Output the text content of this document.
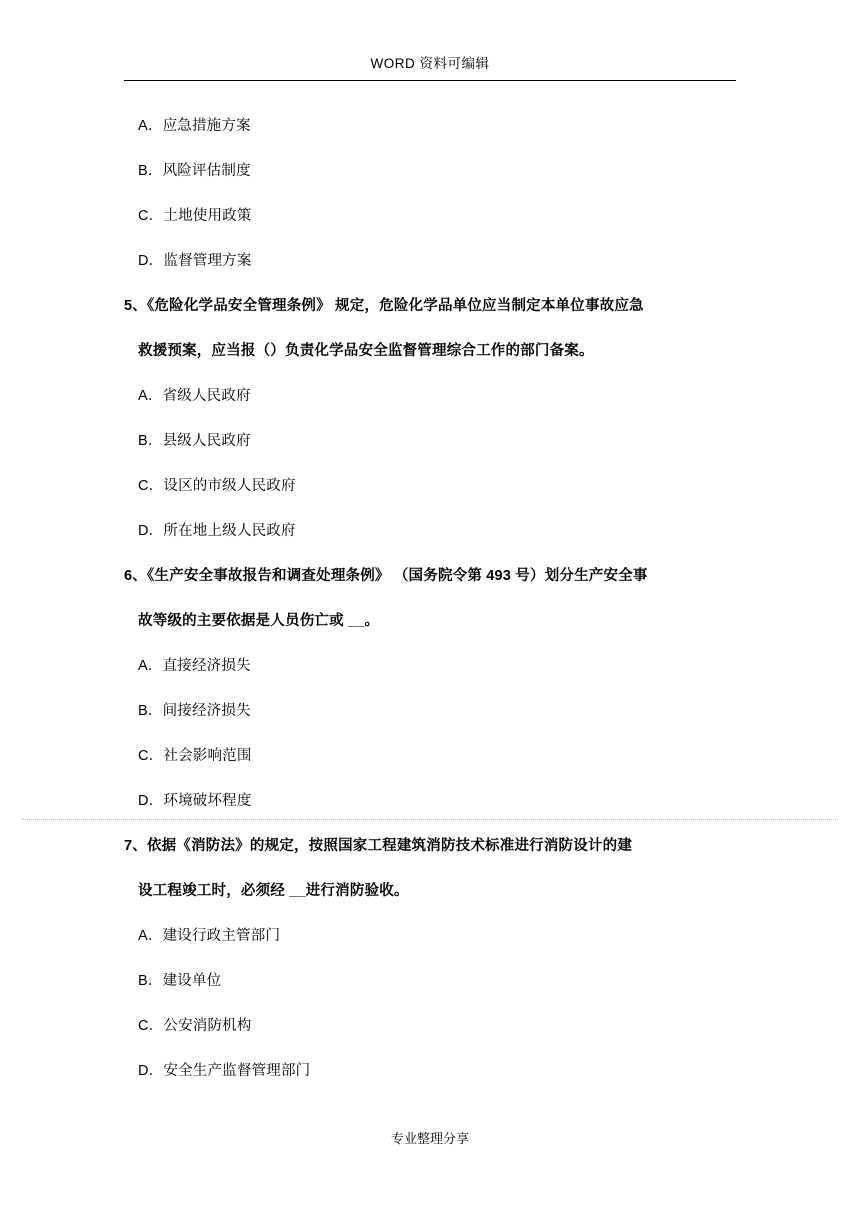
WORD 资料可编辑
A．应急措施方案
B．风险评估制度
C．土地使用政策
D．监督管理方案
5、《危险化学品安全管理条例》 规定，危险化学品单位应当制定本单位事故应急
救援预案，应当报（）负责化学品安全监督管理综合工作的部门备案。
A．省级人民政府
B．县级人民政府
C．设区的市级人民政府
D．所在地上级人民政府
6、《生产安全事故报告和调查处理条例》 （国务院令第 493 号）划分生产安全事
故等级的主要依据是人员伤亡或 __。
A．直接经济损失
B．间接经济损失
C．社会影响范围
D．环境破坏程度
7、依据《消防法》的规定，按照国家工程建筑消防技术标准进行消防设计的建
设工程竣工时，必须经 __进行消防验收。
A．建设行政主管部门
B．建设单位
C．公安消防机构
D．安全生产监督管理部门
专业整理分享
